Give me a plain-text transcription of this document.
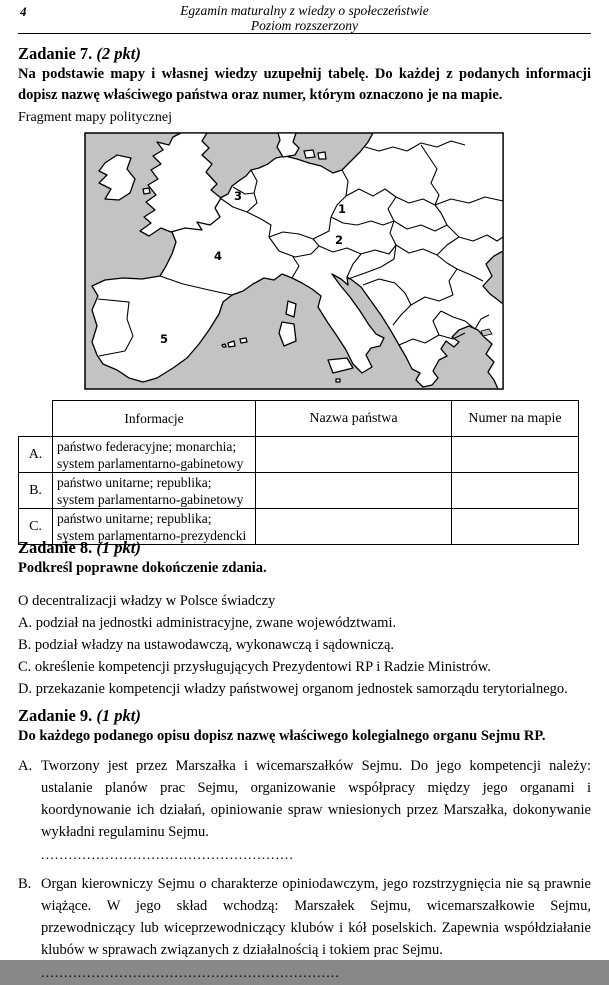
4	Egzamin maturalny z wiedzy o społeczeństwie
Poziom rozszerzony
Zadanie 7. (2 pkt)
Na podstawie mapy i własnej wiedzy uzupełnij tabelę. Do każdej z podanych informacji dopisz nazwę właściwego państwa oraz numer, którym oznaczono je na mapie.
Fragment mapy politycznej
1
2
3
4
5
	Informacje	Nazwa państwa	Numer na mapie
A.	państwo federacyjne; monarchia; system parlamentarno-gabinetowy		
B.	państwo unitarne; republika; system parlamentarno-gabinetowy		
C.	państwo unitarne; republika; system parlamentarno-prezydencki		
Zadanie 8. (1 pkt)
Podkreśl poprawne dokończenie zdania.
O decentralizacji władzy w Polsce świadczy
A. podział na jednostki administracyjne, zwane województwami.
B. podział władzy na ustawodawczą, wykonawczą i sądowniczą.
C. określenie kompetencji przysługujących Prezydentowi RP i Radzie Ministrów.
D. przekazanie kompetencji władzy państwowej organom jednostek samorządu terytorialnego.
Zadanie 9. (1 pkt)
Do każdego podanego opisu dopisz nazwę właściwego kolegialnego organu Sejmu RP.
A. Tworzony jest przez Marszałka i wicemarszałków Sejmu. Do jego kompetencji należy: ustalanie planów prac Sejmu, organizowanie współpracy między jego organami i koordynowanie ich działań, opiniowanie spraw wniesionych przez Marszałka, dokonywanie wykładni regulaminu Sejmu.
.......................................................
B. Organ kierowniczy Sejmu o charakterze opiniodawczym, jego rozstrzygnięcia nie są prawnie wiążące. W jego skład wchodzą: Marszałek Sejmu, wicemarszałkowie Sejmu, przewodniczący lub wiceprzewodniczący klubów i kół poselskich. Zapewnia współdziałanie klubów w sprawach związanych z działalnością i tokiem prac Sejmu.
.................................................................
